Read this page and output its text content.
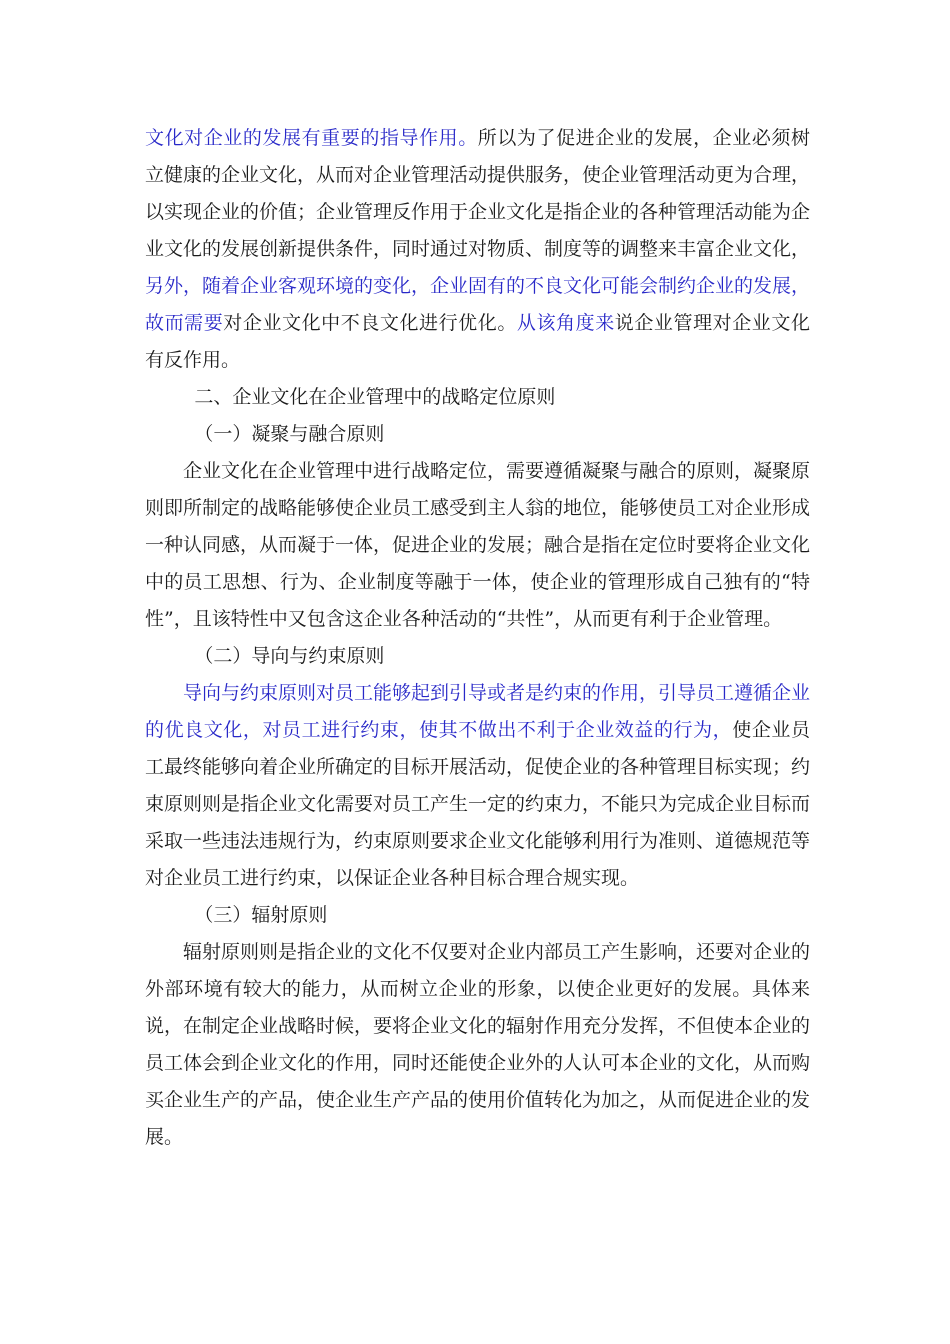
文化对企业的发展有重要的指导作用。所以为了促进企业的发展，企业必须树立健康的企业文化，从而对企业管理活动提供服务，使企业管理活动更为合理，以实现企业的价值；企业管理反作用于企业文化是指企业的各种管理活动能为企业文化的发展创新提供条件，同时通过对物质、制度等的调整来丰富企业文化，另外，随着企业客观环境的变化，企业固有的不良文化可能会制约企业的发展，故而需要对企业文化中不良文化进行优化。从该角度来说企业管理对企业文化有反作用。

二、企业文化在企业管理中的战略定位原则

（一）凝聚与融合原则

企业文化在企业管理中进行战略定位，需要遵循凝聚与融合的原则，凝聚原则即所制定的战略能够使企业员工感受到主人翁的地位，能够使员工对企业形成一种认同感，从而凝于一体，促进企业的发展；融合是指在定位时要将企业文化中的员工思想、行为、企业制度等融于一体，使企业的管理形成自己独有的“特性”，且该特性中又包含这企业各种活动的“共性”，从而更有利于企业管理。

（二）导向与约束原则

导向与约束原则对员工能够起到引导或者是约束的作用，引导员工遵循企业的优良文化，对员工进行约束，使其不做出不利于企业效益的行为，使企业员工最终能够向着企业所确定的目标开展活动，促使企业的各种管理目标实现；约束原则则是指企业文化需要对员工产生一定的约束力，不能只为完成企业目标而采取一些违法违规行为，约束原则要求企业文化能够利用行为准则、道德规范等对企业员工进行约束，以保证企业各种目标合理合规实现。

（三）辐射原则

辐射原则则是指企业的文化不仅要对企业内部员工产生影响，还要对企业的外部环境有较大的能力，从而树立企业的形象，以使企业更好的发展。具体来说，在制定企业战略时候，要将企业文化的辐射作用充分发挥，不但使本企业的员工体会到企业文化的作用，同时还能使企业外的人认可本企业的文化，从而购买企业生产的产品，使企业生产产品的使用价值转化为加之，从而促进企业的发展。
